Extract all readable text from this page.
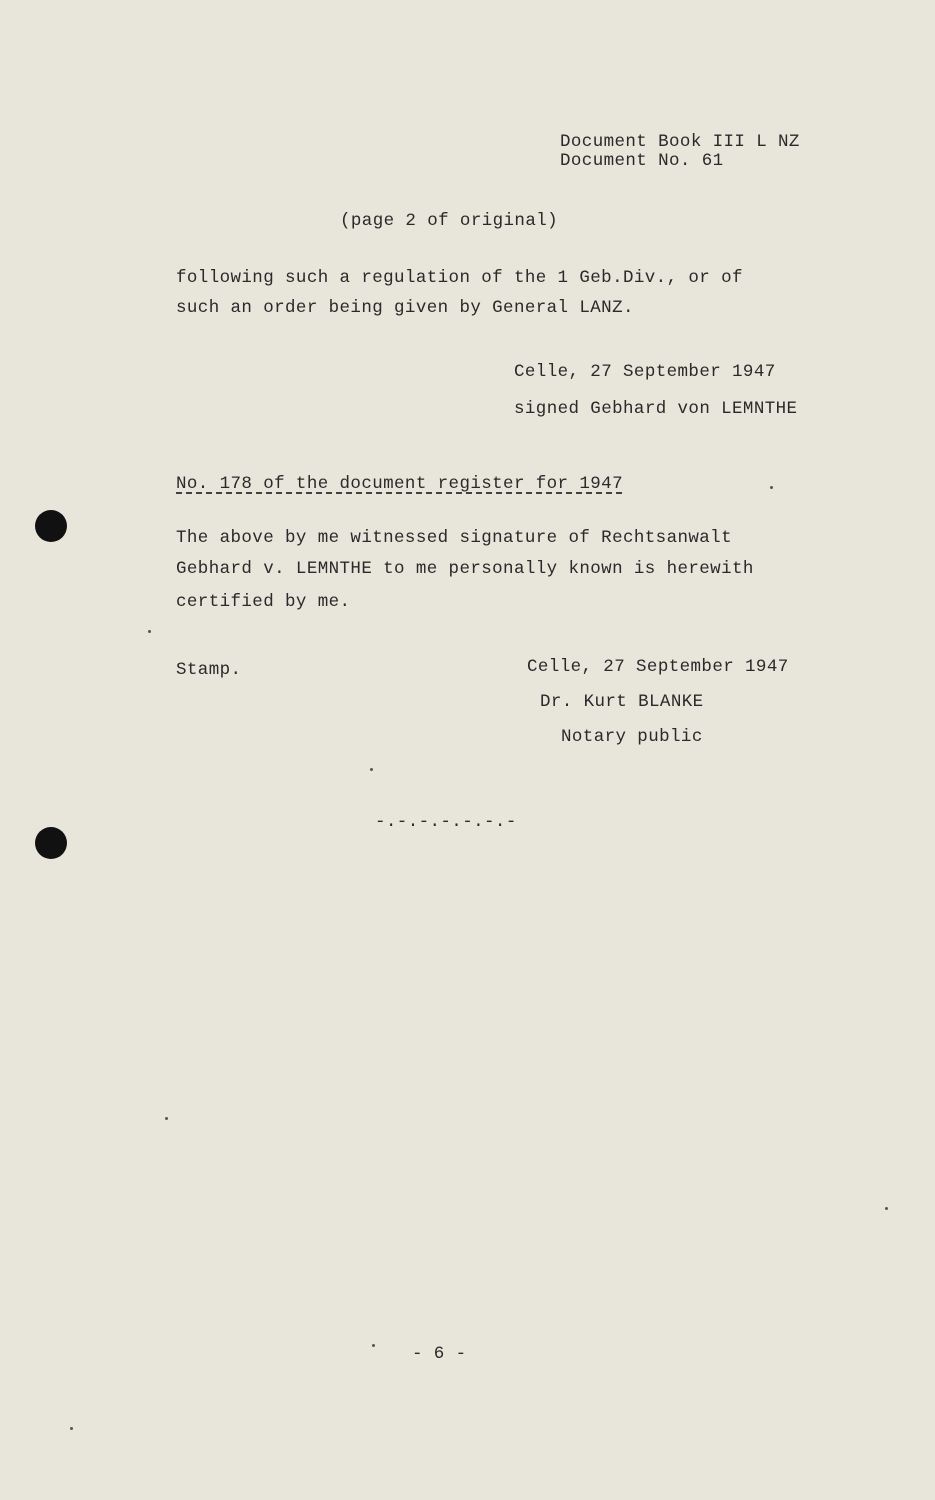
Document Book III L NZ
Document No. 61
(page 2 of original)
following such a regulation of the 1 Geb.Div., or of
such an order being given by General LANZ.
Celle, 27 September 1947
signed Gebhard von LEMNTHE
No. 178 of the document register for 1947
The above by me witnessed signature of Rechtsanwalt
Gebhard v. LEMNTHE to me personally known is herewith
certified by me.
Stamp.	Celle, 27 September 1947
Dr. Kurt BLANKE
Notary public
-.-.-.-.-.-.-
- 6 -
